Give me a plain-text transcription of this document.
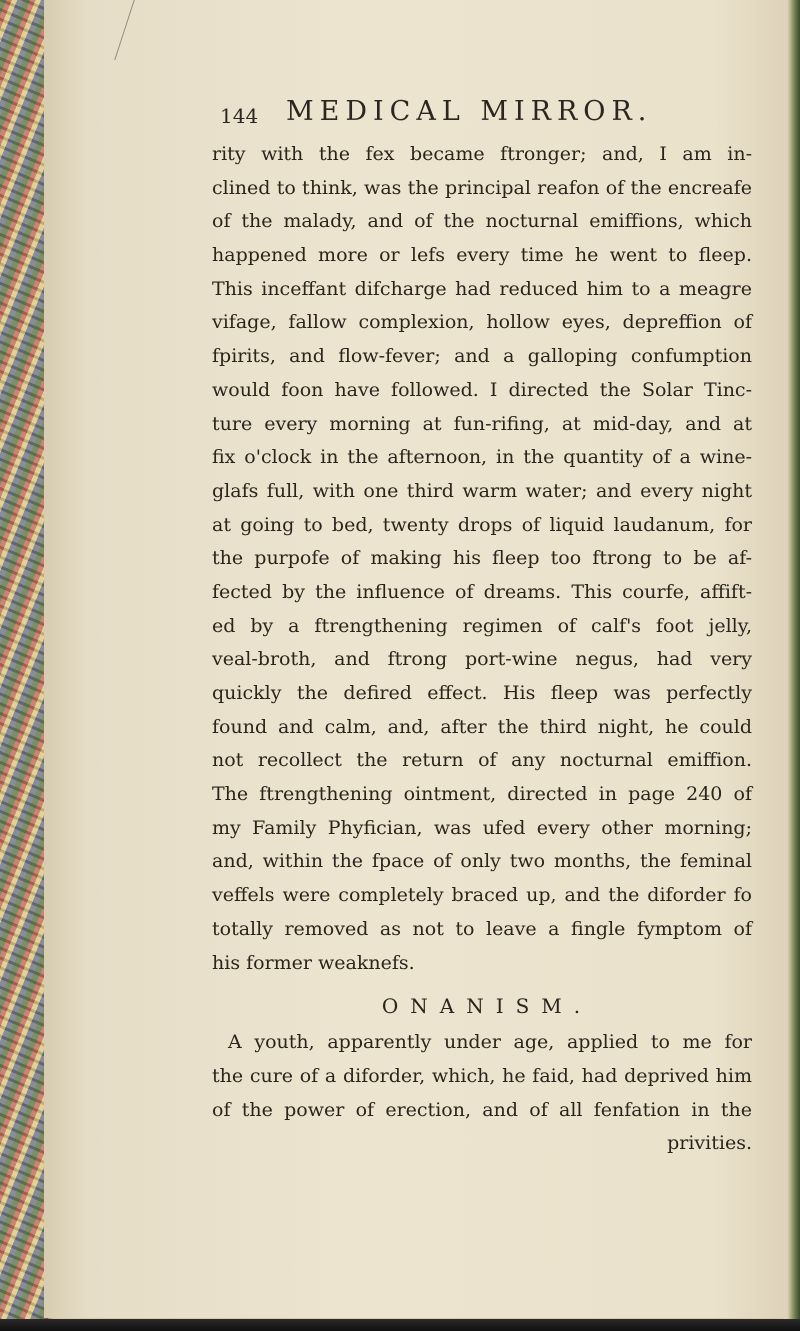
144 MEDICAL MIRROR.
rity with the fex became ftronger; and, I am in-
clined to think, was the principal reafon of the encreafe
of the malady, and of the nocturnal emiffions, which
happened more or lefs every time he went to fleep.
This inceffant difcharge had reduced him to a meagre
vifage, fallow complexion, hollow eyes, depreffion of
fpirits, and flow-fever; and a galloping confumption
would foon have followed. I directed the Solar Tinc-
ture every morning at fun-rifing, at mid-day, and at
fix o'clock in the afternoon, in the quantity of a wine-
glafs full, with one third warm water; and every night
at going to bed, twenty drops of liquid laudanum, for
the purpofe of making his fleep too ftrong to be af-
fected by the influence of dreams. This courfe, affift-
ed by a ftrengthening regimen of calf's foot jelly,
veal-broth, and ftrong port-wine negus, had very
quickly the defired effect. His fleep was perfectly
found and calm, and, after the third night, he could
not recollect the return of any nocturnal emiffion.
The ftrengthening ointment, directed in page 240 of
my Family Phyfician, was ufed every other morning;
and, within the fpace of only two months, the feminal
veffels were completely braced up, and the diforder fo
totally removed as not to leave a fingle fymptom of
his former weaknefs.
ONANISM.
A youth, apparently under age, applied to me for
the cure of a diforder, which, he faid, had deprived him
of the power of erection, and of all fenfation in the
privities.
